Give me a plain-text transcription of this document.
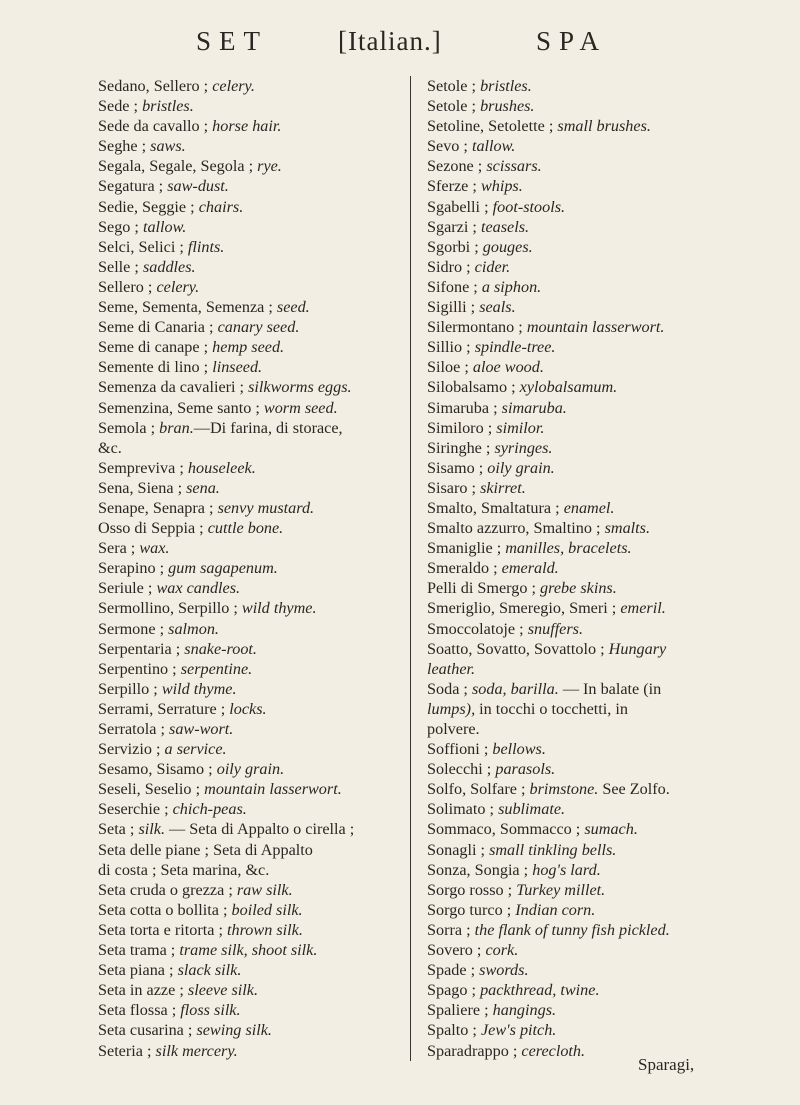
SET	[Italian.]	SPA
Sedano, Sellero ; celery.
Sede ; bristles.
Sede da cavallo ; horse hair.
Seghe ; saws.
Segala, Segale, Segola ; rye.
Segatura ; saw-dust.
Sedie, Seggie ; chairs.
Sego ; tallow.
Selci, Selici ; flints.
Selle ; saddles.
Sellero ; celery.
Seme, Sementa, Semenza ; seed.
Seme di Canaria ; canary seed.
Seme di canape ; hemp seed.
Semente di lino ; linseed.
Semenza da cavalieri ; silkworms eggs.
Semenzina, Seme santo ; worm seed.
Semola ; bran.—Di farina, di storace,
&c.
Sempreviva ; houseleek.
Sena, Siena ; sena.
Senape, Senapra ; senvy mustard.
Osso di Seppia ; cuttle bone.
Sera ; wax.
Serapino ; gum sagapenum.
Seriule ; wax candles.
Sermollino, Serpillo ; wild thyme.
Sermone ; salmon.
Serpentaria ; snake-root.
Serpentino ; serpentine.
Serpillo ; wild thyme.
Serrami, Serrature ; locks.
Serratola ; saw-wort.
Servizio ; a service.
Sesamo, Sisamo ; oily grain.
Seseli, Seselio ; mountain lasserwort.
Seserchie ; chich-peas.
Seta ; silk. — Seta di Appalto o cirella ;
Seta delle piane ; Seta di Appalto
di costa ; Seta marina, &c.
Seta cruda o grezza ; raw silk.
Seta cotta o bollita ; boiled silk.
Seta torta e ritorta ; thrown silk.
Seta trama ; trame silk, shoot silk.
Seta piana ; slack silk.
Seta in azze ; sleeve silk.
Seta flossa ; floss silk.
Seta cusarina ; sewing silk.
Seteria ; silk mercery.
Setole ; bristles.
Setole ; brushes.
Setoline, Setolette ; small brushes.
Sevo ; tallow.
Sezone ; scissars.
Sferze ; whips.
Sgabelli ; foot-stools.
Sgarzi ; teasels.
Sgorbi ; gouges.
Sidro ; cider.
Sifone ; a siphon.
Sigilli ; seals.
Silermontano ; mountain lasserwort.
Sillio ; spindle-tree.
Siloe ; aloe wood.
Silobalsamo ; xylobalsamum.
Simaruba ; simaruba.
Similoro ; similor.
Siringhe ; syringes.
Sisamo ; oily grain.
Sisaro ; skirret.
Smalto, Smaltatura ; enamel.
Smalto azzurro, Smaltino ; smalts.
Smaniglie ; manilles, bracelets.
Smeraldo ; emerald.
Pelli di Smergo ; grebe skins.
Smeriglio, Smeregio, Smeri ; emeril.
Smoccolatoje ; snuffers.
Soatto, Sovatto, Sovattolo ; Hungary
leather.
Soda ; soda, barilla. — In balate (in
lumps), in tocchi o tocchetti, in
polvere.
Soffioni ; bellows.
Solecchi ; parasols.
Solfo, Solfare ; brimstone. See Zolfo.
Solimato ; sublimate.
Sommaco, Sommacco ; sumach.
Sonagli ; small tinkling bells.
Sonza, Songia ; hog's lard.
Sorgo rosso ; Turkey millet.
Sorgo turco ; Indian corn.
Sorra ; the flank of tunny fish pickled.
Sovero ; cork.
Spade ; swords.
Spago ; packthread, twine.
Spaliere ; hangings.
Spalto ; Jew's pitch.
Sparadrappo ; cerecloth.
Sparagi,
